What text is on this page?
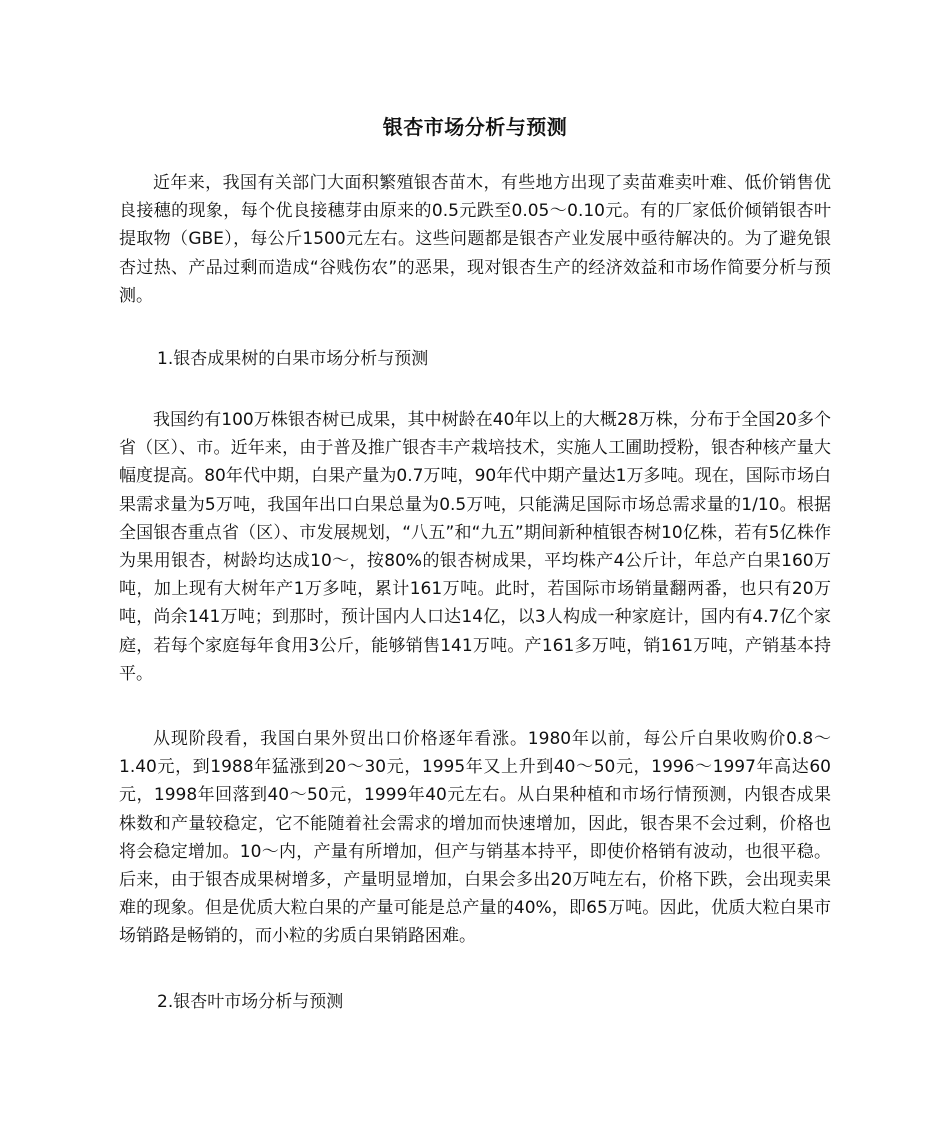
银杏市场分析与预测

近年来，我国有关部门大面积繁殖银杏苗木，有些地方出现了卖苗难卖叶难、低价销售优良接穗的现象，每个优良接穗芽由原来的0.5元跌至0.05～0.10元。有的厂家低价倾销银杏叶提取物（GBE），每公斤1500元左右。这些问题都是银杏产业发展中亟待解决的。为了避免银杏过热、产品过剩而造成“谷贱伤农”的恶果，现对银杏生产的经济效益和市场作简要分析与预测。

1.银杏成果树的白果市场分析与预测

我国约有100万株银杏树已成果，其中树龄在40年以上的大概28万株，分布于全国20多个省（区）、市。近年来，由于普及推广银杏丰产栽培技术，实施人工圃助授粉，银杏种核产量大幅度提高。80年代中期，白果产量为0.7万吨，90年代中期产量达1万多吨。现在，国际市场白果需求量为5万吨，我国年出口白果总量为0.5万吨，只能满足国际市场总需求量的1/10。根据全国银杏重点省（区）、市发展规划，“八五”和“九五”期间新种植银杏树10亿株，若有5亿株作为果用银杏，树龄均达成10～，按80%的银杏树成果，平均株产4公斤计，年总产白果160万吨，加上现有大树年产1万多吨，累计161万吨。此时，若国际市场销量翻两番，也只有20万吨，尚余141万吨；到那时，预计国内人口达14亿，以3人构成一种家庭计，国内有4.7亿个家庭，若每个家庭每年食用3公斤，能够销售141万吨。产161多万吨，销161万吨，产销基本持平。

从现阶段看，我国白果外贸出口价格逐年看涨。1980年以前，每公斤白果收购价0.8～1.40元，到1988年猛涨到20～30元，1995年又上升到40～50元，1996～1997年高达60元，1998年回落到40～50元，1999年40元左右。从白果种植和市场行情预测，内银杏成果株数和产量较稳定，它不能随着社会需求的增加而快速增加，因此，银杏果不会过剩，价格也将会稳定增加。10～内，产量有所增加，但产与销基本持平，即使价格销有波动，也很平稳。后来，由于银杏成果树增多，产量明显增加，白果会多出20万吨左右，价格下跌，会出现卖果难的现象。但是优质大粒白果的产量可能是总产量的40%，即65万吨。因此，优质大粒白果市场销路是畅销的，而小粒的劣质白果销路困难。

2.银杏叶市场分析与预测
